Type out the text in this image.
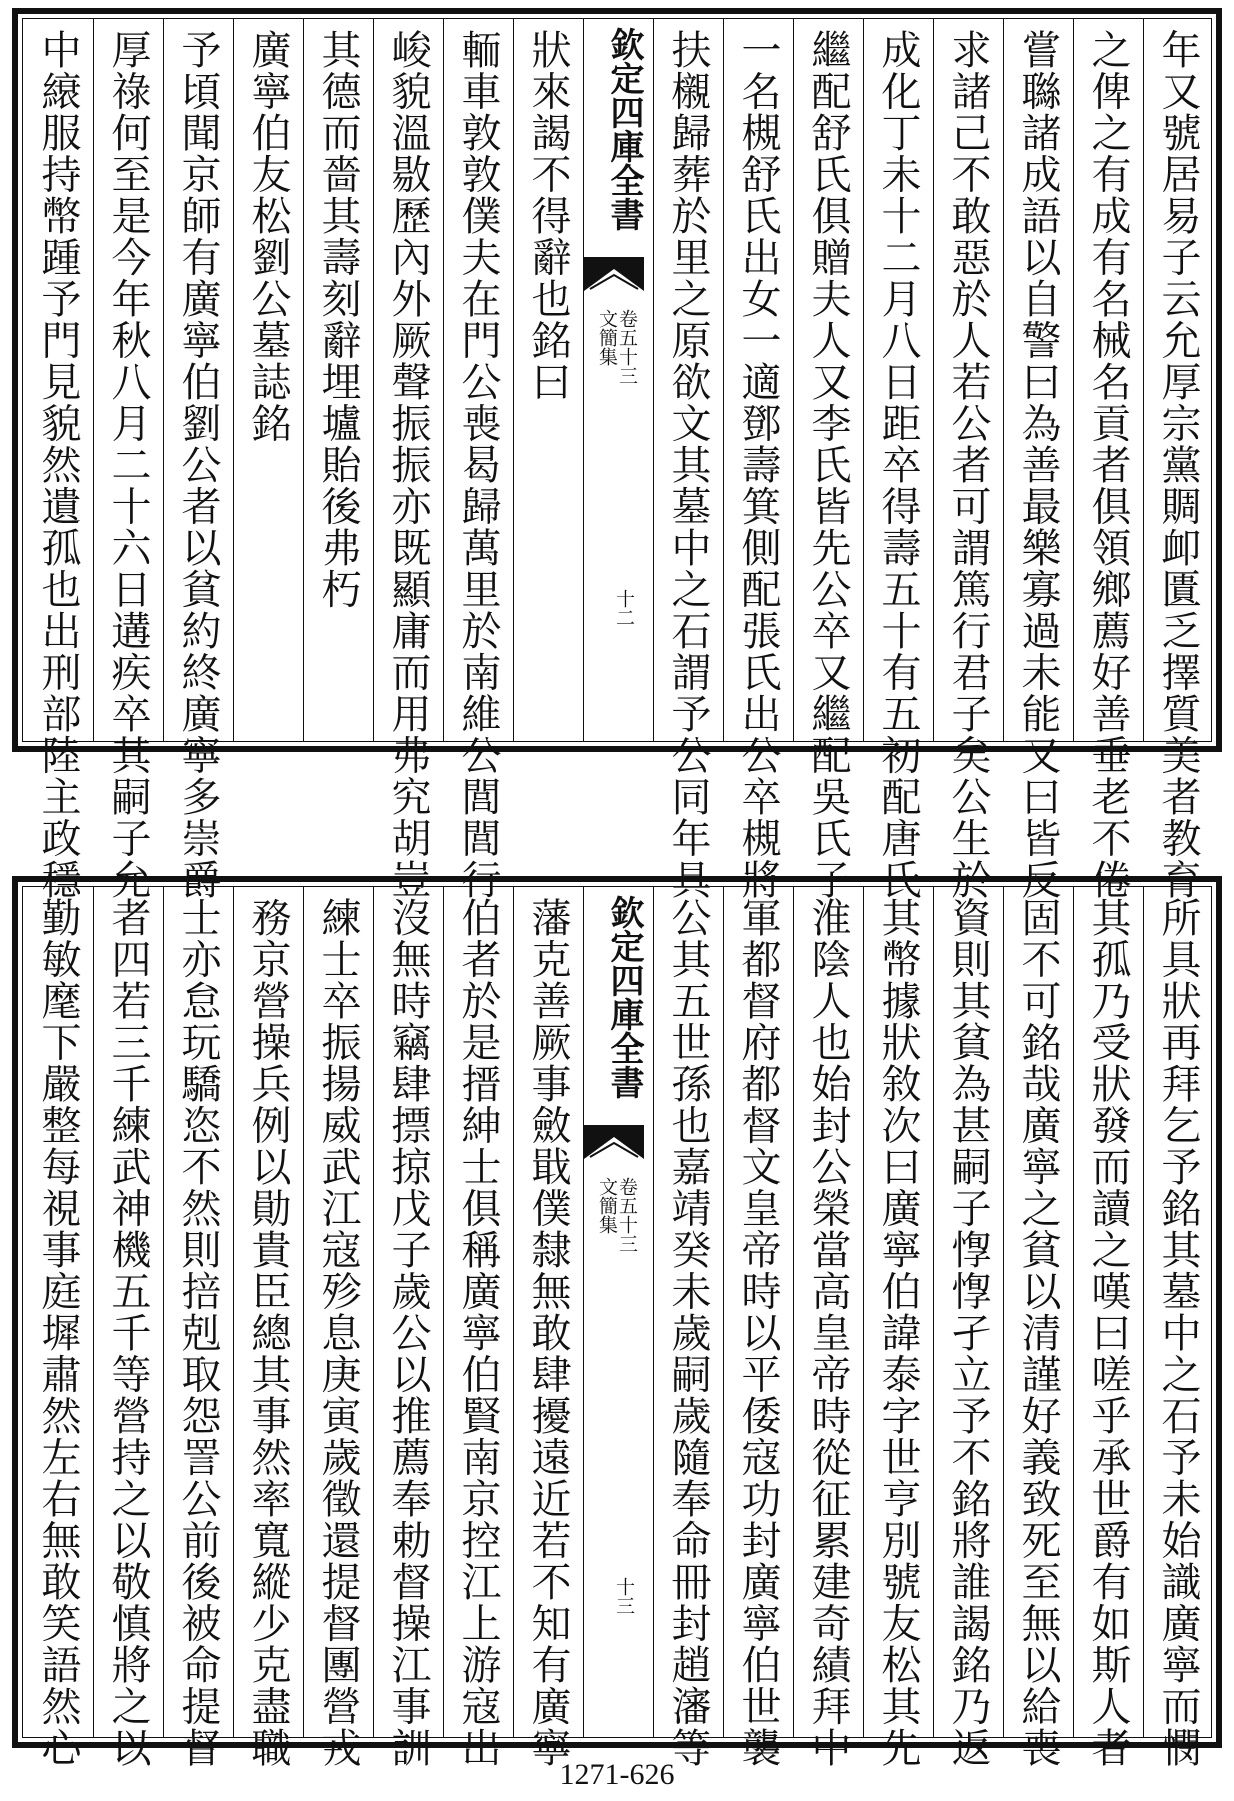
年又號居易子云允厚宗黨賙卹匱乏擇質美者教育
之俾之有成有名械名貢者俱領鄉薦好善垂老不倦
嘗䏈諸成語以自警曰為善最樂寡過未能又曰皆反
求諸己不敢惡於人若公者可謂篤行君子矣公生於
成化丁未十二月八日距卒得壽五十有五初配唐氏
繼配舒氏俱贈夫人又李氏皆先公卒又繼配吳氏子
一名槻舒氏出女一適鄧壽箕側配張氏出公卒槻將
扶櫬歸葬於里之原欲文其墓中之石謂予公同年具
欽定四庫全書
文簡集
卷五十三
十二
狀來謁不得辭也銘曰
輀車敦敦僕夫在門公喪曷歸萬里於南維公閭閭行
峻貌溫敭歷內外厥聲振振亦既顯庸而用弗究胡豈
其德而嗇其壽刻辭埋壚貽後弗朽
廣寧伯友松劉公墓誌銘
予頃聞京師有廣寧伯劉公者以貧約終廣寧多崇爵
厚祿何至是今年秋八月二十六日遘疾卒其嗣子允
中縗服持幣踵予門見貌然遺孤也出刑部陸主政穩
所具狀再拜乞予銘其墓中之石予未始識廣寧而憫
其孤乃受狀發而讀之嘆曰嗟乎承世爵有如斯人者
固不可銘哉廣寧之貧以清謹好義致死至無以給喪
資則其貧為甚嗣子惸惸孑立予不銘將誰謁銘乃返
其幣據狀敘次曰廣寧伯諱泰字世亨別號友松其先
淮陰人也始封公榮當高皇帝時從征累建奇績拜中
軍都督府都督文皇帝時以平倭寇功封廣寧伯世襲
公其五世孫也嘉靖癸未歲嗣歲隨奉命冊封趙瀋等
欽定四庫全書
文簡集
卷五十三
十三
藩克善厥事斂戢僕隸無敢肆擾遠近若不知有廣寧
伯者於是搢紳士俱稱廣寧伯賢南京控江上游寇出
沒無時竊肆摽掠戊子歲公以推薦奉勅督操江事訓
練士卒振揚威武江寇殄息庚寅歲徵還提督團營戎
務京營操兵例以勛貴臣總其事然率寬縱少克盡職
士亦怠玩驕恣不然則掊剋取怨詈公前後被命提督
者四若三千練武神機五千等營持之以敬慎將之以
勤敏麾下嚴整每視事庭墀肅然左右無敢笑語然心
1271-626
